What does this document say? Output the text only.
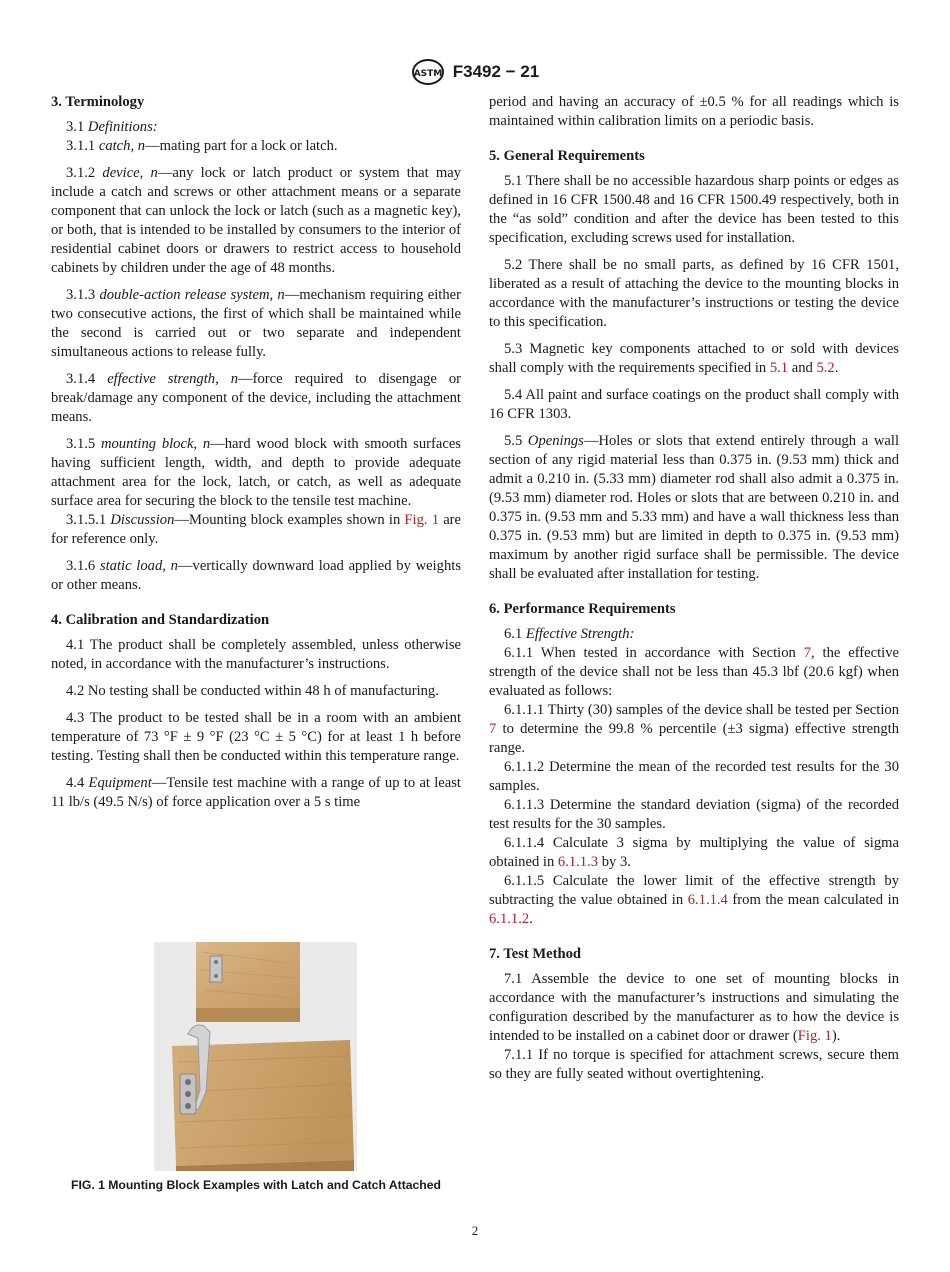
ASTM F3492 − 21
3. Terminology

3.1 Definitions:

3.1.1 catch, n—mating part for a lock or latch.

3.1.2 device, n—any lock or latch product or system that may include a catch and screws or other attachment means or a separate component that can unlock the lock or latch (such as a magnetic key), or both, that is intended to be installed by consumers to the interior of residential cabinet doors or drawers to restrict access to household cabinets by children under the age of 48 months.

3.1.3 double-action release system, n—mechanism requiring either two consecutive actions, the first of which shall be maintained while the second is carried out or two separate and independent simultaneous actions to release fully.

3.1.4 effective strength, n—force required to disengage or break/damage any component of the device, including the attachment means.

3.1.5 mounting block, n—hard wood block with smooth surfaces having sufficient length, width, and depth to provide adequate attachment area for the lock, latch, or catch, as well as adequate surface area for securing the block to the tensile test machine.

3.1.5.1 Discussion—Mounting block examples shown in Fig. 1 are for reference only.

3.1.6 static load, n—vertically downward load applied by weights or other means.

4. Calibration and Standardization

4.1 The product shall be completely assembled, unless otherwise noted, in accordance with the manufacturer’s instructions.

4.2 No testing shall be conducted within 48 h of manufacturing.

4.3 The product to be tested shall be in a room with an ambient temperature of 73 °F ± 9 °F (23 °C ± 5 °C) for at least 1 h before testing. Testing shall then be conducted within this temperature range.

4.4 Equipment—Tensile test machine with a range of up to at least 11 lb/s (49.5 N/s) of force application over a 5 s time

FIG. 1 Mounting Block Examples with Latch and Catch Attached

period and having an accuracy of ±0.5 % for all readings which is maintained within calibration limits on a periodic basis.

5. General Requirements

5.1 There shall be no accessible hazardous sharp points or edges as defined in 16 CFR 1500.48 and 16 CFR 1500.49 respectively, both in the “as sold” condition and after the device has been tested to this specification, excluding screws used for installation.

5.2 There shall be no small parts, as defined by 16 CFR 1501, liberated as a result of attaching the device to the mounting blocks in accordance with the manufacturer’s instructions or testing the device to this specification.

5.3 Magnetic key components attached to or sold with devices shall comply with the requirements specified in 5.1 and 5.2.

5.4 All paint and surface coatings on the product shall comply with 16 CFR 1303.

5.5 Openings—Holes or slots that extend entirely through a wall section of any rigid material less than 0.375 in. (9.53 mm) thick and admit a 0.210 in. (5.33 mm) diameter rod shall also admit a 0.375 in. (9.53 mm) diameter rod. Holes or slots that are between 0.210 in. and 0.375 in. (9.53 mm and 5.33 mm) and have a wall thickness less than 0.375 in. (9.53 mm) but are limited in depth to 0.375 in. (9.53 mm) maximum by another rigid surface shall be permissible. The device shall be evaluated after installation for testing.

6. Performance Requirements

6.1 Effective Strength:

6.1.1 When tested in accordance with Section 7, the effective strength of the device shall not be less than 45.3 lbf (20.6 kgf) when evaluated as follows:

6.1.1.1 Thirty (30) samples of the device shall be tested per Section 7 to determine the 99.8 % percentile (±3 sigma) effective strength range.

6.1.1.2 Determine the mean of the recorded test results for the 30 samples.

6.1.1.3 Determine the standard deviation (sigma) of the recorded test results for the 30 samples.

6.1.1.4 Calculate 3 sigma by multiplying the value of sigma obtained in 6.1.1.3 by 3.

6.1.1.5 Calculate the lower limit of the effective strength by subtracting the value obtained in 6.1.1.4 from the mean calculated in 6.1.1.2.

7. Test Method

7.1 Assemble the device to one set of mounting blocks in accordance with the manufacturer’s instructions and simulating the configuration described by the manufacturer as to how the device is intended to be installed on a cabinet door or drawer (Fig. 1).

7.1.1 If no torque is specified for attachment screws, secure them so they are fully seated without overtightening.

2
